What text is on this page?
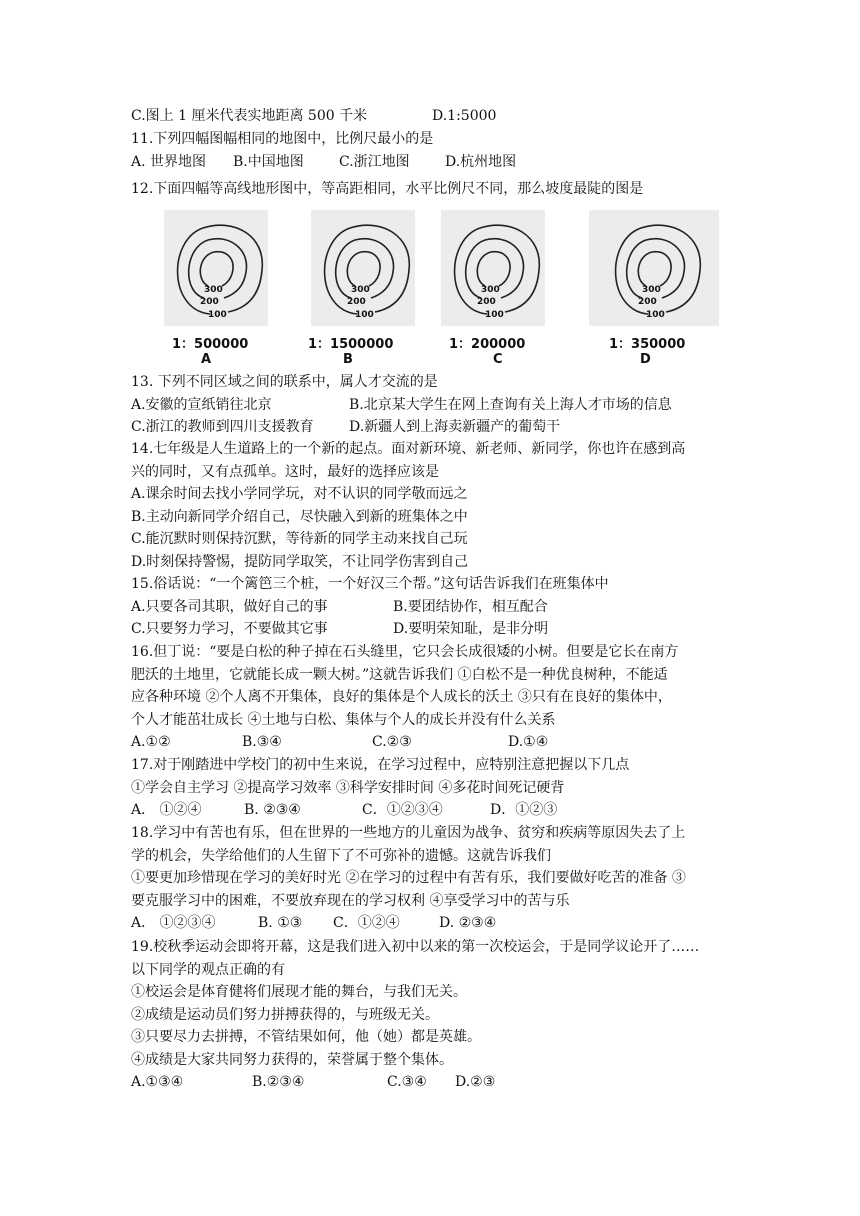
C.图上 1 厘米代表实地距离 500 千米	D.1:5000
11.下列四幅图幅相同的地图中，比例尺最小的是
A. 世界地图	B.中国地图	C.浙江地图	D.杭州地图
12.下面四幅等高线地形图中，等高距相同，水平比例尺不同，那么坡度最陡的图是
300
200
100
1：500000
A
300
200
100
1：1500000
B
300
200
100
1：200000
C
300
200
100
1：350000
D
13. 下列不同区域之间的联系中，属人才交流的是
A.安徽的宣纸销往北京	B.北京某大学生在网上查询有关上海人才市场的信息
C.浙江的教师到四川支援教育	D.新疆人到上海卖新疆产的葡萄干
14.七年级是人生道路上的一个新的起点。面对新环境、新老师、新同学，你也许在感到高
兴的同时，又有点孤单。这时，最好的选择应该是
A.课余时间去找小学同学玩，对不认识的同学敬而远之
B.主动向新同学介绍自己，尽快融入到新的班集体之中
C.能沉默时则保持沉默，等待新的同学主动来找自己玩
D.时刻保持警惕，提防同学取笑，不让同学伤害到自己
15.俗话说：“一个篱笆三个桩，一个好汉三个帮。”这句话告诉我们在班集体中
A.只要各司其职，做好自己的事	B.要团结协作，相互配合
C.只要努力学习，不要做其它事	D.要明荣知耻，是非分明
16.但丁说：“要是白松的种子掉在石头缝里，它只会长成很矮的小树。但要是它长在南方
肥沃的土地里，它就能长成一颗大树。”这就告诉我们 ①白松不是一种优良树种，不能适
应各种环境 ②个人离不开集体，良好的集体是个人成长的沃土 ③只有在良好的集体中，
个人才能茁壮成长 ④土地与白松、集体与个人的成长并没有什么关系
A.①②	B.③④	C.②③	D.①④
17.对于刚踏进中学校门的初中生来说，在学习过程中，应特别注意把握以下几点
①学会自主学习 ②提高学习效率 ③科学安排时间 ④多花时间死记硬背
A． ①②④	B. ②③④	C．①②③④	D．①②③
18.学习中有苦也有乐，但在世界的一些地方的儿童因为战争、贫穷和疾病等原因失去了上
学的机会，失学给他们的人生留下了不可弥补的遗憾。这就告诉我们
①要更加珍惜现在学习的美好时光 ②在学习的过程中有苦有乐，我们要做好吃苦的准备 ③
要克服学习中的困难，不要放弃现在的学习权利 ④享受学习中的苦与乐
A． ①②③④	B. ①③	C．①②④	D. ②③④
19.校秋季运动会即将开幕，这是我们进入初中以来的第一次校运会，于是同学议论开了……
以下同学的观点正确的有
①校运会是体育健将们展现才能的舞台，与我们无关。
②成绩是运动员们努力拼搏获得的，与班级无关。
③只要尽力去拼搏，不管结果如何，他（她）都是英雄。
④成绩是大家共同努力获得的，荣誉属于整个集体。
A.①③④	B.②③④	C.③④	D.②③
